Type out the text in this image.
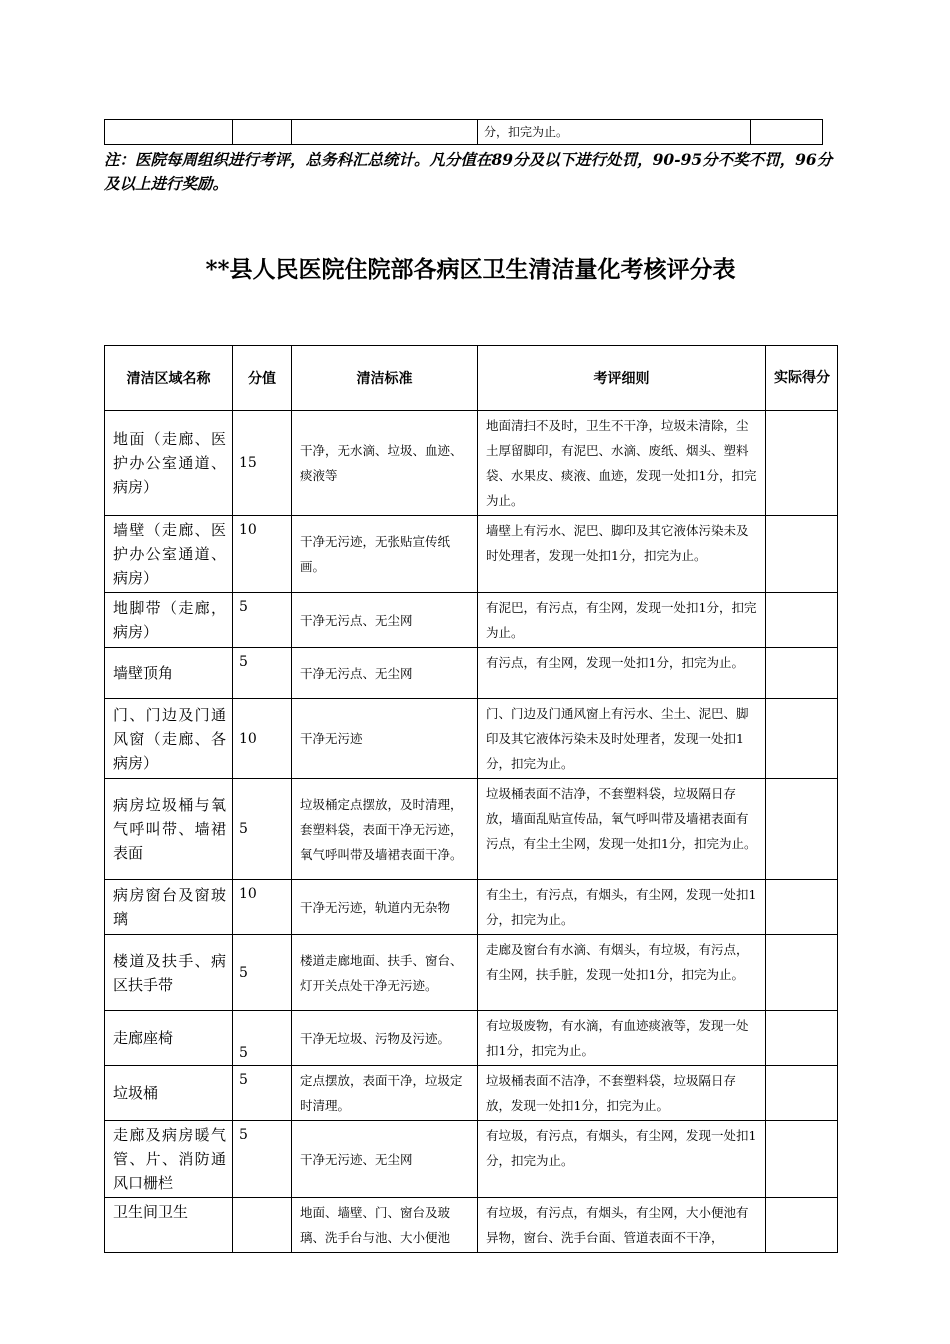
			分，扣完为止。	
注：医院每周组织进行考评，总务科汇总统计。凡分值在89分及以下进行处罚，90-95分不奖不罚，96分及以上进行奖励。
**县人民医院住院部各病区卫生清洁量化考核评分表
清洁区域名称	分值	清洁标准	考评细则	实际得分
地面（走廊、医护办公室通道、病房）	15	干净，无水滴、垃圾、血迹、痰液等	地面清扫不及时，卫生不干净，垃圾未清除，尘土厚留脚印，有泥巴、水滴、废纸、烟头、塑料袋、水果皮、痰液、血迹，发现一处扣1分，扣完为止。	
墙壁（走廊、医护办公室通道、病房）	10	干净无污迹，无张贴宣传纸画。	墙壁上有污水、泥巴、脚印及其它液体污染未及时处理者，发现一处扣1分，扣完为止。	
地脚带（走廊，病房）	5	干净无污点、无尘网	有泥巴，有污点，有尘网，发现一处扣1分，扣完为止。	
墙壁顶角	5	干净无污点、无尘网	有污点，有尘网，发现一处扣1分，扣完为止。	
门、门边及门通风窗（走廊、各病房）	10	干净无污迹	门、门边及门通风窗上有污水、尘土、泥巴、脚印及其它液体污染未及时处理者，发现一处扣1分，扣完为止。	
病房垃圾桶与氧气呼叫带、墙裙表面	5	垃圾桶定点摆放，及时清理，套塑料袋，表面干净无污迹，氧气呼叫带及墙裙表面干净。	垃圾桶表面不洁净，不套塑料袋，垃圾隔日存放，墙面乱贴宣传品，氧气呼叫带及墙裙表面有污点，有尘土尘网，发现一处扣1分，扣完为止。	
病房窗台及窗玻璃	10	干净无污迹，轨道内无杂物	有尘土，有污点，有烟头，有尘网，发现一处扣1分，扣完为止。	
楼道及扶手、病区扶手带	5	楼道走廊地面、扶手、窗台、灯开关点处干净无污迹。	走廊及窗台有水滴、有烟头，有垃圾，有污点，有尘网，扶手脏，发现一处扣1分，扣完为止。	
走廊座椅	5	干净无垃圾、污物及污迹。	有垃圾废物，有水滴，有血迹痰液等，发现一处扣1分，扣完为止。	
垃圾桶	5	定点摆放，表面干净，垃圾定时清理。	垃圾桶表面不洁净，不套塑料袋，垃圾隔日存放，发现一处扣1分，扣完为止。	
走廊及病房暖气管、片、消防通风口栅栏	5	干净无污迹、无尘网	有垃圾，有污点，有烟头，有尘网，发现一处扣1分，扣完为止。	
卫生间卫生		地面、墙壁、门、窗台及玻璃、洗手台与池、大小便池	有垃圾，有污点，有烟头，有尘网，大小便池有异物，窗台、洗手台面、管道表面不干净，	
